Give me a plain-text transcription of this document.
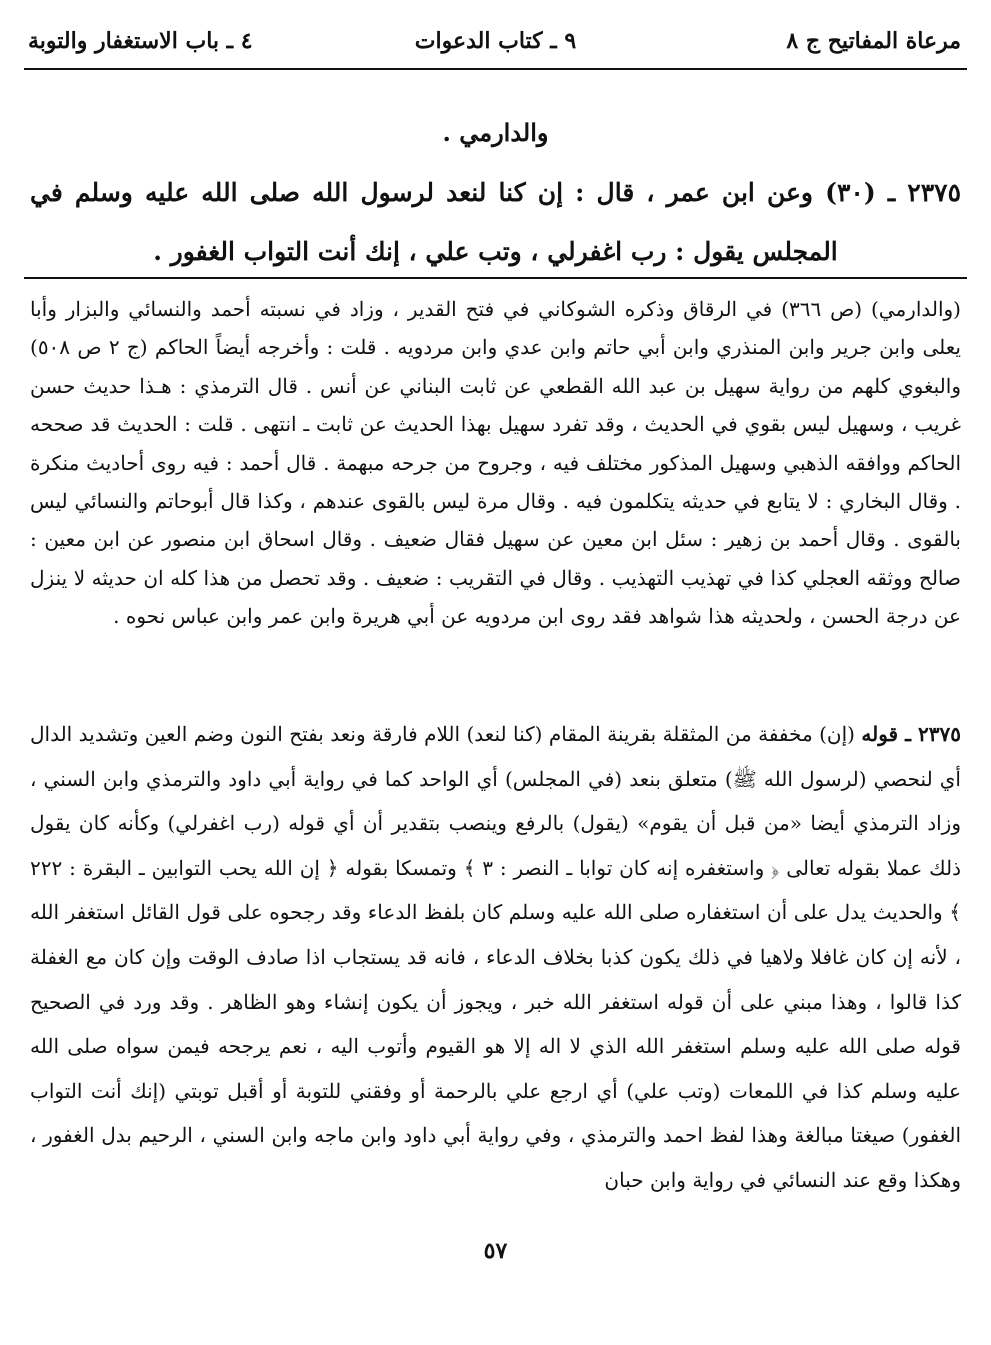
مرعاة المفاتيح ج ٨
٩ ـ كتاب الدعوات
٤ ـ باب الاستغفار والتوبة
والدارمي .
٢٣٧٥ ـ (٣٠) وعن ابن عمر ، قال : إن كنا لنعد لرسول الله صلى الله عليه وسلم في المجلس يقول : رب اغفرلي ، وتب علي ، إنك أنت التواب الغفور .

(والدارمي) (ص ٣٦٦) في الرقاق وذكره الشوكاني في فتح القدير ، وزاد في نسبته أحمد والنسائي والبزار وأبا يعلى وابن جرير وابن المنذري وابن أبي حاتم وابن عدي وابن مردويه . قلت : وأخرجه أيضاً الحاكم (ج ٢ ص ٥٠٨) والبغوي كلهم من رواية سهيل بن عبد الله القطعي عن ثابت البناني عن أنس . قال الترمذي : هـذا حديث حسن غريب ، وسهيل ليس بقوي في الحديث ، وقد تفرد سهيل بهذا الحديث عن ثابت ـ انتهى . قلت : الحديث قد صححه الحاكم ووافقه الذهبي وسهيل المذكور مختلف فيه ، وجروح من جرحه مبهمة . قال أحمد : فيه روى أحاديث منكرة . وقال البخاري : لا يتابع في حديثه يتكلمون فيه . وقال مرة ليس بالقوى عندهم ، وكذا قال أبوحاتم والنسائي ليس بالقوى . وقال أحمد بن زهير : سئل ابن معين عن سهيل فقال ضعيف . وقال اسحاق ابن منصور عن ابن معين : صالح ووثقه العجلي كذا في تهذيب التهذيب . وقال في التقريب : ضعيف . وقد تحصل من هذا كله ان حديثه لا ينزل عن درجة الحسن ، ولحديثه هذا شواهد فقد روى ابن مردويه عن أبي هريرة وابن عمر وابن عباس نحوه .

٢٣٧٥ ـ قوله (إن) مخففة من المثقلة بقرينة المقام (كنا لنعد) اللام فارقة ونعد بفتح النون وضم العين وتشديد الدال أي لنحصي (لرسول الله ﷺ) متعلق بنعد (في المجلس) أي الواحد كما في رواية أبي داود والترمذي وابن السني ، وزاد الترمذي أيضا «من قبل أن يقوم» (يقول) بالرفع وينصب بتقدير أن أي قوله (رب اغفرلي) وكأنه كان يقول ذلك عملا بقوله تعالى ﴿ واستغفره إنه كان توابا ـ النصر : ٣ ﴾ وتمسكا بقوله ﴿ إن الله يحب التوابين ـ البقرة : ٢٢٢ ﴾ والحديث يدل على أن استغفاره صلى الله عليه وسلم كان بلفظ الدعاء وقد رجحوه على قول القائل استغفر الله ، لأنه إن كان غافلا ولاهيا في ذلك يكون كذبا بخلاف الدعاء ، فانه قد يستجاب اذا صادف الوقت وإن كان مع الغفلة كذا قالوا ، وهذا مبني على أن قوله استغفر الله خبر ، ويجوز أن يكون إنشاء وهو الظاهر . وقد ورد في الصحيح قوله صلى الله عليه وسلم استغفر الله الذي لا اله إلا هو القيوم وأتوب اليه ، نعم يرجحه فيمن سواه صلى الله عليه وسلم كذا في اللمعات (وتب علي) أي ارجع علي بالرحمة أو وفقني للتوبة أو أقبل توبتي (إنك أنت التواب الغفور) صيغتا مبالغة وهذا لفظ احمد والترمذي ، وفي رواية أبي داود وابن ماجه وابن السني ، الرحيم بدل الغفور ، وهكذا وقع عند النسائي في رواية وابن حبان

٥٧
